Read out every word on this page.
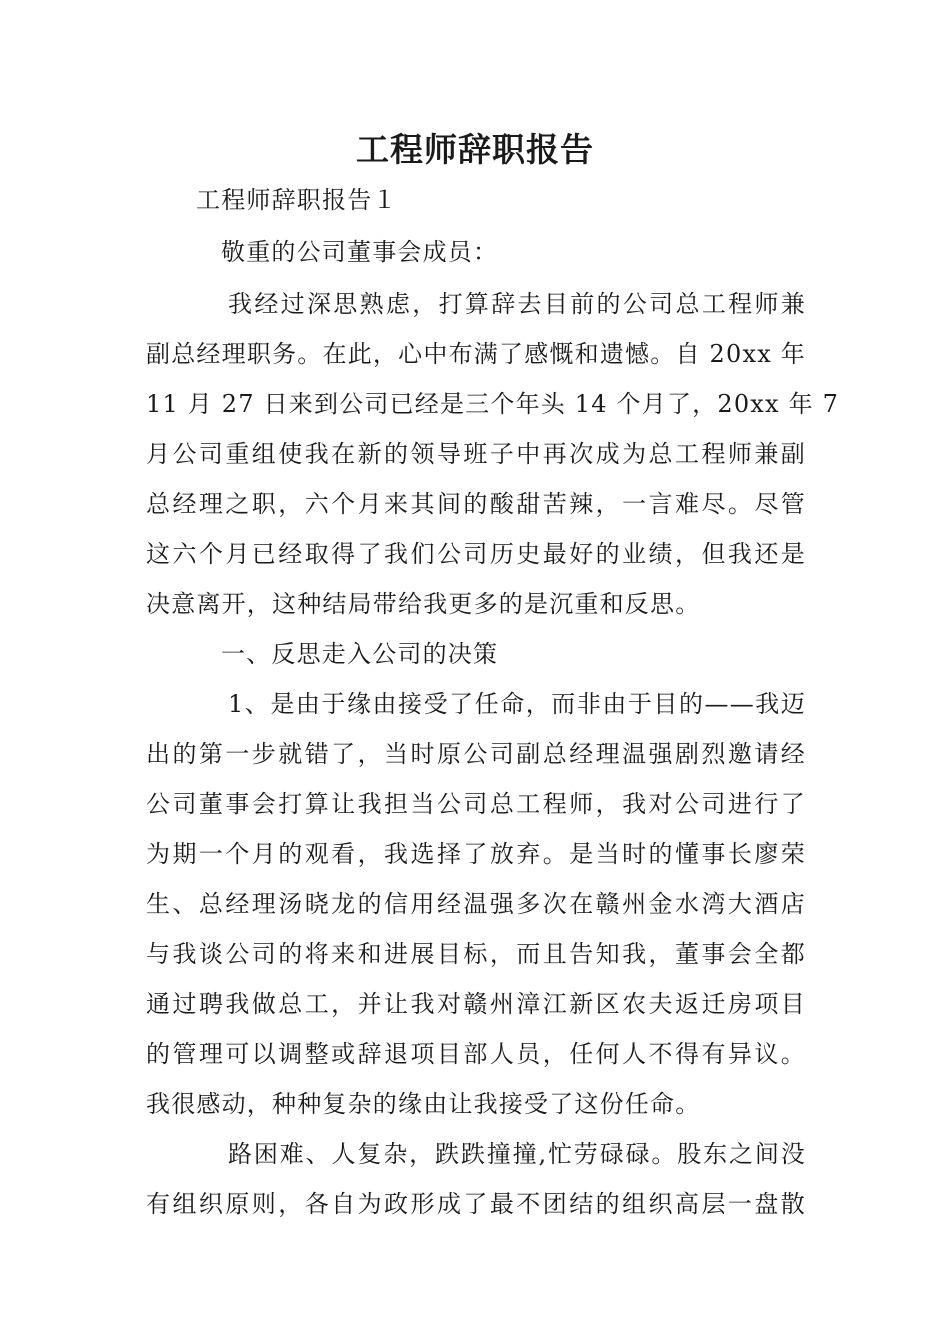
工程师辞职报告
工程师辞职报告１
敬重的公司董事会成员：
我经过深思熟虑，打算辞去目前的公司总工程师兼
副总经理职务。在此，心中布满了感慨和遗憾。自 20xx 年
11 月 27 日来到公司已经是三个年头 14 个月了，20xx 年 7
月公司重组使我在新的领导班子中再次成为总工程师兼副
总经理之职，六个月来其间的酸甜苦辣，一言难尽。尽管
这六个月已经取得了我们公司历史最好的业绩，但我还是
决意离开，这种结局带给我更多的是沉重和反思。
一、反思走入公司的决策
1、是由于缘由接受了任命，而非由于目的——我迈
出的第一步就错了，当时原公司副总经理温强剧烈邀请经
公司董事会打算让我担当公司总工程师，我对公司进行了
为期一个月的观看，我选择了放弃。是当时的懂事长廖荣
生、总经理汤晓龙的信用经温强多次在赣州金水湾大酒店
与我谈公司的将来和进展目标，而且告知我，董事会全都
通过聘我做总工，并让我对赣州漳江新区农夫返迁房项目
的管理可以调整或辞退项目部人员，任何人不得有异议。
我很感动，种种复杂的缘由让我接受了这份任命。
路困难、人复杂，跌跌撞撞,忙劳碌碌。股东之间没
有组织原则，各自为政形成了最不团结的组织高层一盘散
